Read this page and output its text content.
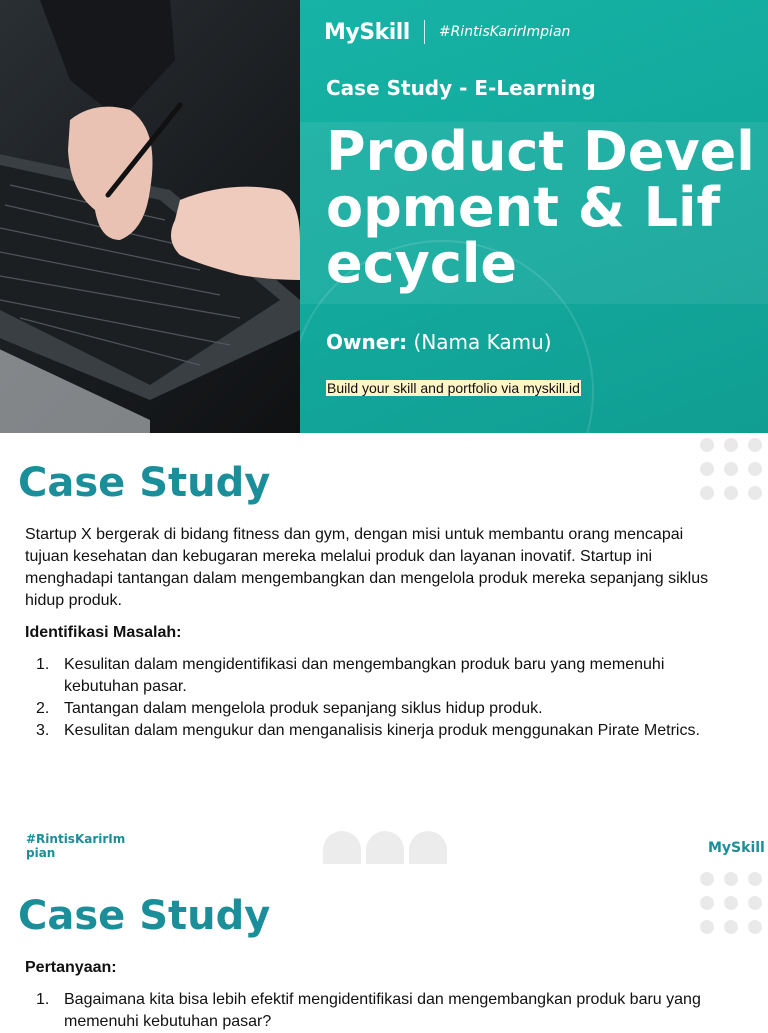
MySkill #RintisKarirImpian
Case Study - E-Learning
Product Development & Lifecycle
Owner: (Nama Kamu)
Build your skill and portfolio via myskill.id
Case Study

Startup X bergerak di bidang fitness dan gym, dengan misi untuk membantu orang mencapai tujuan kesehatan dan kebugaran mereka melalui produk dan layanan inovatif. Startup ini menghadapi tantangan dalam mengembangkan dan mengelola produk mereka sepanjang siklus hidup produk.

Identifikasi Masalah:

1. Kesulitan dalam mengidentifikasi dan mengembangkan produk baru yang memenuhi kebutuhan pasar.
2. Tantangan dalam mengelola produk sepanjang siklus hidup produk.
3. Kesulitan dalam mengukur dan menganalisis kinerja produk menggunakan Pirate Metrics.
#RintisKarirImpian	MySkill
Case Study

Pertanyaan:

1. Bagaimana kita bisa lebih efektif mengidentifikasi dan mengembangkan produk baru yang memenuhi kebutuhan pasar?
